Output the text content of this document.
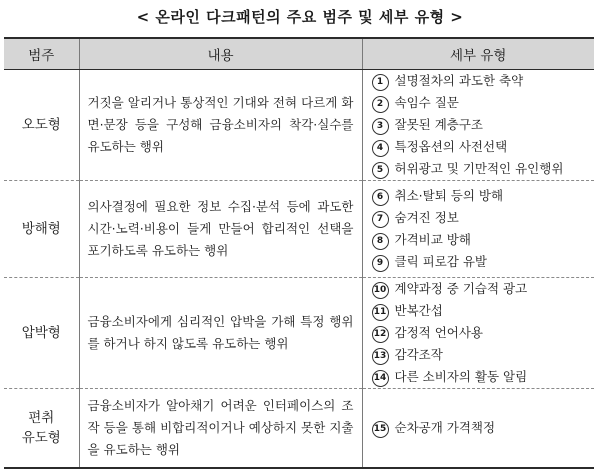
< 온라인 다크패턴의 주요 범주 및 세부 유형 >
범주	내용	세부 유형
오도형	거짓을 알리거나 통상적인 기대와 전혀 다르게 화면·문장 등을 구성해 금융소비자의 착각·실수를 유도하는 행위	1 설명절차의 과도한 축약
2 속임수 질문
3 잘못된 계층구조
4 특정옵션의 사전선택
5 허위광고 및 기만적인 유인행위

방해형	의사결정에 필요한 정보 수집·분석 등에 과도한 시간·노력·비용이 들게 만들어 합리적인 선택을 포기하도록 유도하는 행위	6 취소·탈퇴 등의 방해
7 숨겨진 정보
8 가격비교 방해
9 클릭 피로감 유발

압박형	금융소비자에게 심리적인 압박을 가해 특정 행위를 하거나 하지 않도록 유도하는 행위	10 계약과정 중 기습적 광고
11 반복간섭
12 감정적 언어사용
13 감각조작
14 다른 소비자의 활동 알림

편취
유도형	금융소비자가 알아채기 어려운 인터페이스의 조작 등을 통해 비합리적이거나 예상하지 못한 지출을 유도하는 행위	15 순차공개 가격책정
